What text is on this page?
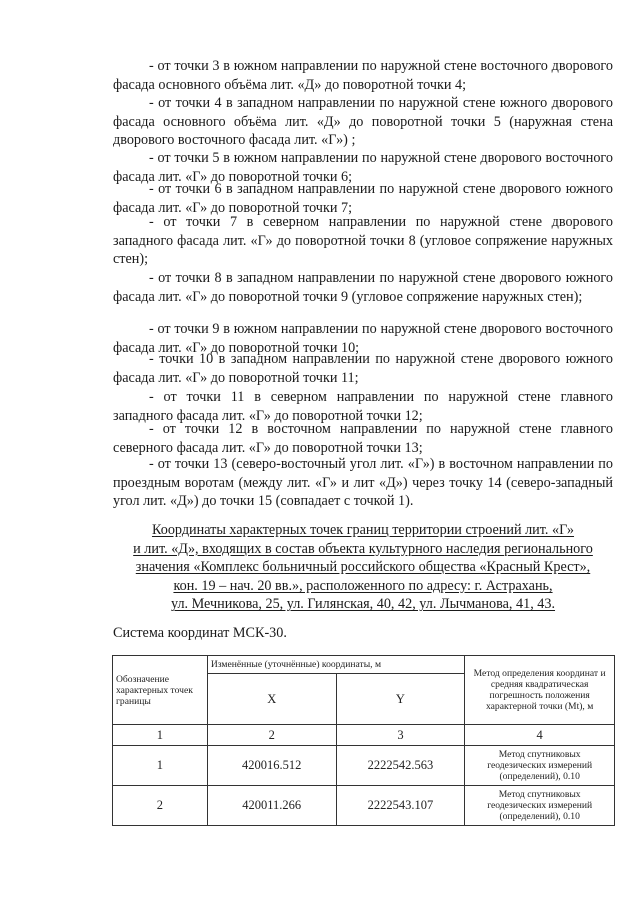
- от точки 3 в южном направлении по наружной стене восточного дворового фасада основного объёма лит. «Д» до поворотной точки 4;

- от точки 4 в западном направлении по наружной стене южного дворового фасада основного объёма лит. «Д» до поворотной точки 5 (наружная стена дворового восточного фасада лит. «Г») ;

- от точки 5 в южном направлении по наружной стене дворового восточного фасада лит. «Г» до поворотной точки 6;

- от точки 6 в западном направлении по наружной стене дворового южного фасада лит. «Г» до поворотной точки 7;

- от точки 7 в северном направлении по наружной стене дворового западного фасада лит. «Г» до поворотной точки 8 (угловое сопряжение наружных стен);

- от точки 8 в западном направлении по наружной стене дворового южного фасада лит. «Г» до поворотной точки 9 (угловое сопряжение наружных стен);

- от точки 9 в южном направлении по наружной стене дворового восточного фасада лит. «Г» до поворотной точки 10;

- точки 10 в западном направлении по наружной стене дворового южного фасада лит. «Г» до поворотной точки 11;

- от точки 11 в северном направлении по наружной стене главного западного фасада лит. «Г» до поворотной точки 12;

- от точки 12 в восточном направлении по наружной стене главного северного фасада лит. «Г» до поворотной точки 13;

- от точки 13 (северо-восточный угол лит. «Г») в восточном направлении по проездным воротам (между лит. «Г» и лит «Д») через точку 14 (северо-западный угол лит. «Д») до точки 15 (совпадает с точкой 1).

Координаты характерных точек границ территории строений лит. «Г»
и лит. «Д», входящих в состав объекта культурного наследия регионального
значения «Комплекс больничный российского общества «Красный Крест»,
кон. 19 – нач. 20 вв.», расположенного по адресу: г. Астрахань,
ул. Мечникова, 25, ул. Гилянская, 40, 42, ул. Лычманова, 41, 43.

Система координат МСК-30.

Обозначение характерных точек границы	Изменённые (уточнённые) координаты, м		Метод определения координат и средняя квадратическая погрешность положения характерной точки (Mt), м
	X	Y	
1	2	3	4
1	420016.512	2222542.563	Метод спутниковых геодезических измерений (определений), 0.10
2	420011.266	2222543.107	Метод спутниковых геодезических измерений (определений), 0.10
